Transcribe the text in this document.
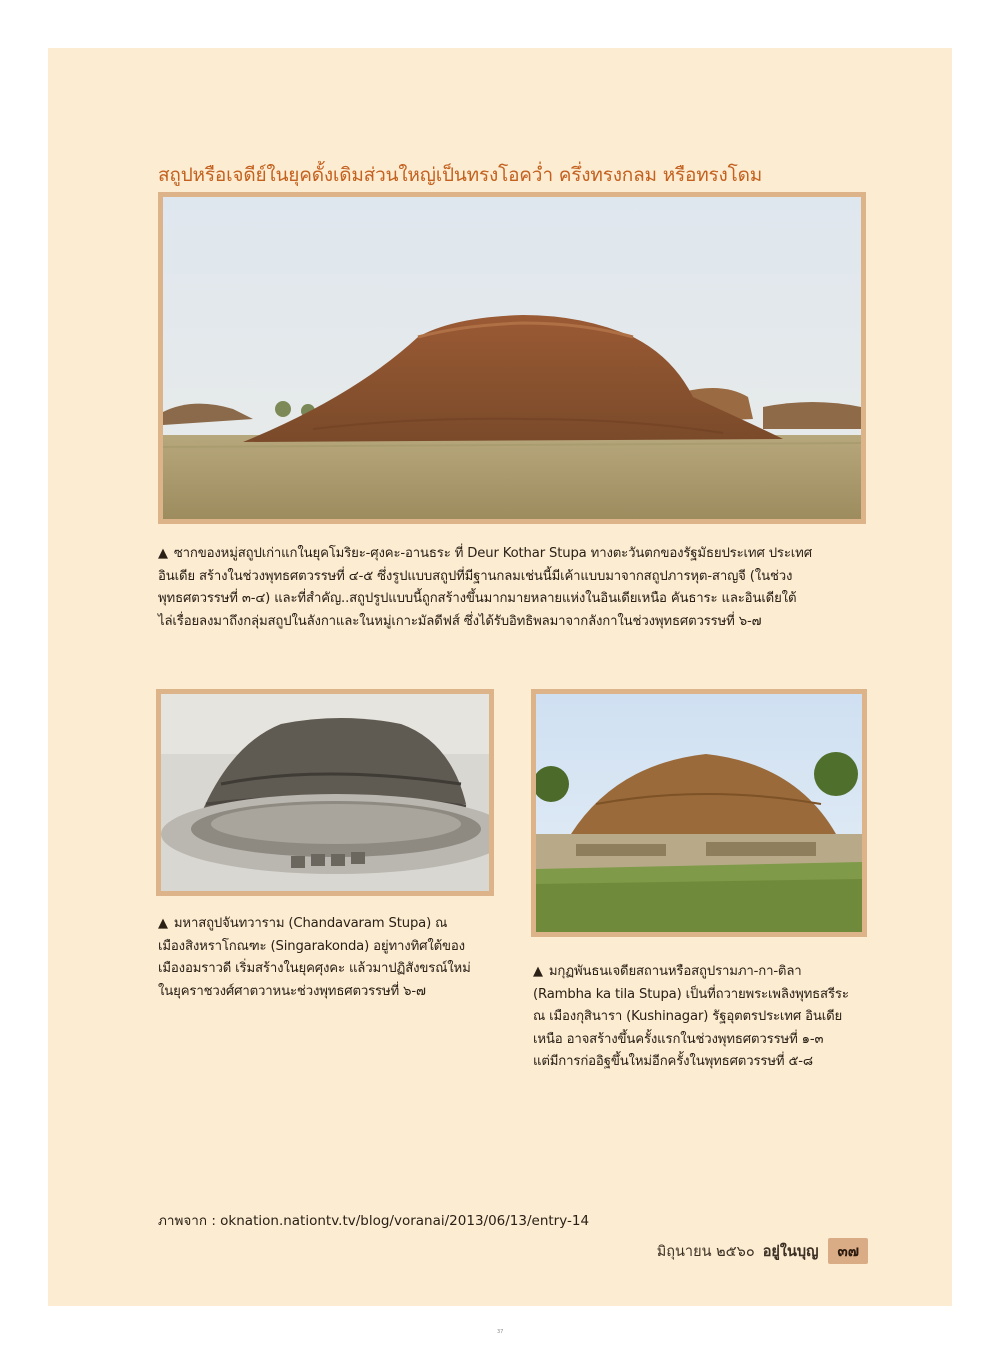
สถูปหรือเจดีย์ในยุคดั้งเดิมส่วนใหญ่เป็นทรงโอคว่ำ ครึ่งทรงกลม หรือทรงโดม
▲ ซากของหมู่สถูปเก่าแกในยุคโมริยะ-ศุงคะ-อานธระ ที่ Deur Kothar Stupa ทางตะวันตกของรัฐมัธยประเทศ ประเทศ
อินเดีย สร้างในช่วงพุทธศตวรรษที่ ๔-๕ ซึ่งรูปแบบสถูปที่มีฐานกลมเช่นนี้มีเค้าแบบมาจากสถูปภารหุต-สาญจี (ในช่วง
พุทธศตวรรษที่ ๓-๔) และที่สำคัญ..สถูปรูปแบบนี้ถูกสร้างขึ้นมากมายหลายแห่งในอินเดียเหนือ คันธาระ และอินเดียใต้
ไล่เรื่อยลงมาถึงกลุ่มสถูปในลังกาและในหมู่เกาะมัลดีฟส์ ซึ่งได้รับอิทธิพลมาจากลังกาในช่วงพุทธศตวรรษที่ ๖-๗
▲ มหาสถูปจันทวาราม (Chandavaram Stupa) ณ
เมืองสิงหราโกณฑะ (Singarakonda) อยู่ทางทิศใต้ของ
เมืองอมราวดี เริ่มสร้างในยุคศุงคะ แล้วมาปฏิสังขรณ์ใหม่
ในยุคราชวงศ์ศาตวาหนะช่วงพุทธศตวรรษที่ ๖-๗
▲ มกุฏพันธนเจดียสถานหรือสถูปรามภา-กา-ติลา
(Rambha ka tila Stupa) เป็นที่ถวายพระเพลิงพุทธสรีระ
ณ เมืองกุสินารา (Kushinagar) รัฐอุตตรประเทศ อินเดีย
เหนือ อาจสร้างขึ้นครั้งแรกในช่วงพุทธศตวรรษที่ ๑-๓
แต่มีการก่ออิฐขึ้นใหม่อีกครั้งในพุทธศตวรรษที่ ๕-๘
ภาพจาก : oknation.nationtv.tv/blog/voranai/2013/06/13/entry-14
มิถุนายน ๒๕๖๐ อยู่ในบุญ	๓๗
37
